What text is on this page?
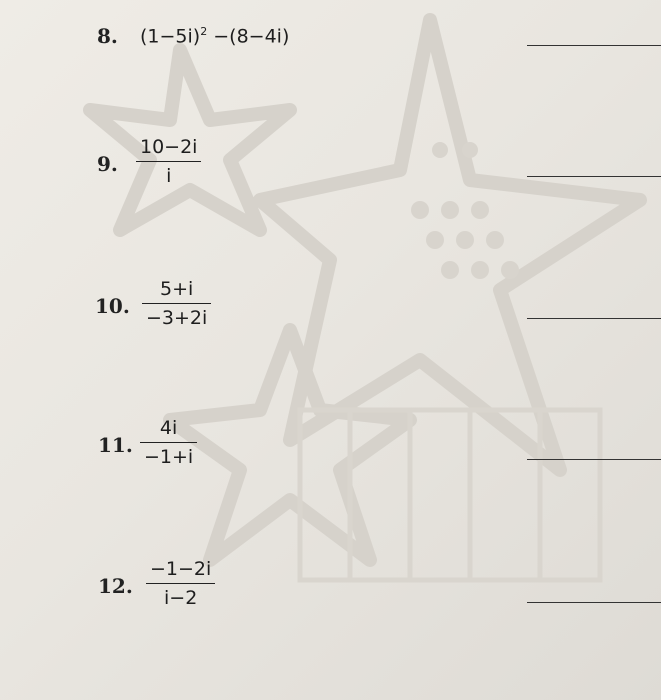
8. $(1-5i)^2 -(8-4i)$
9.
10−2i
i
10.
5+i
−3+2i
11.
4i
−1+i
12.
−1−2i
i−2
